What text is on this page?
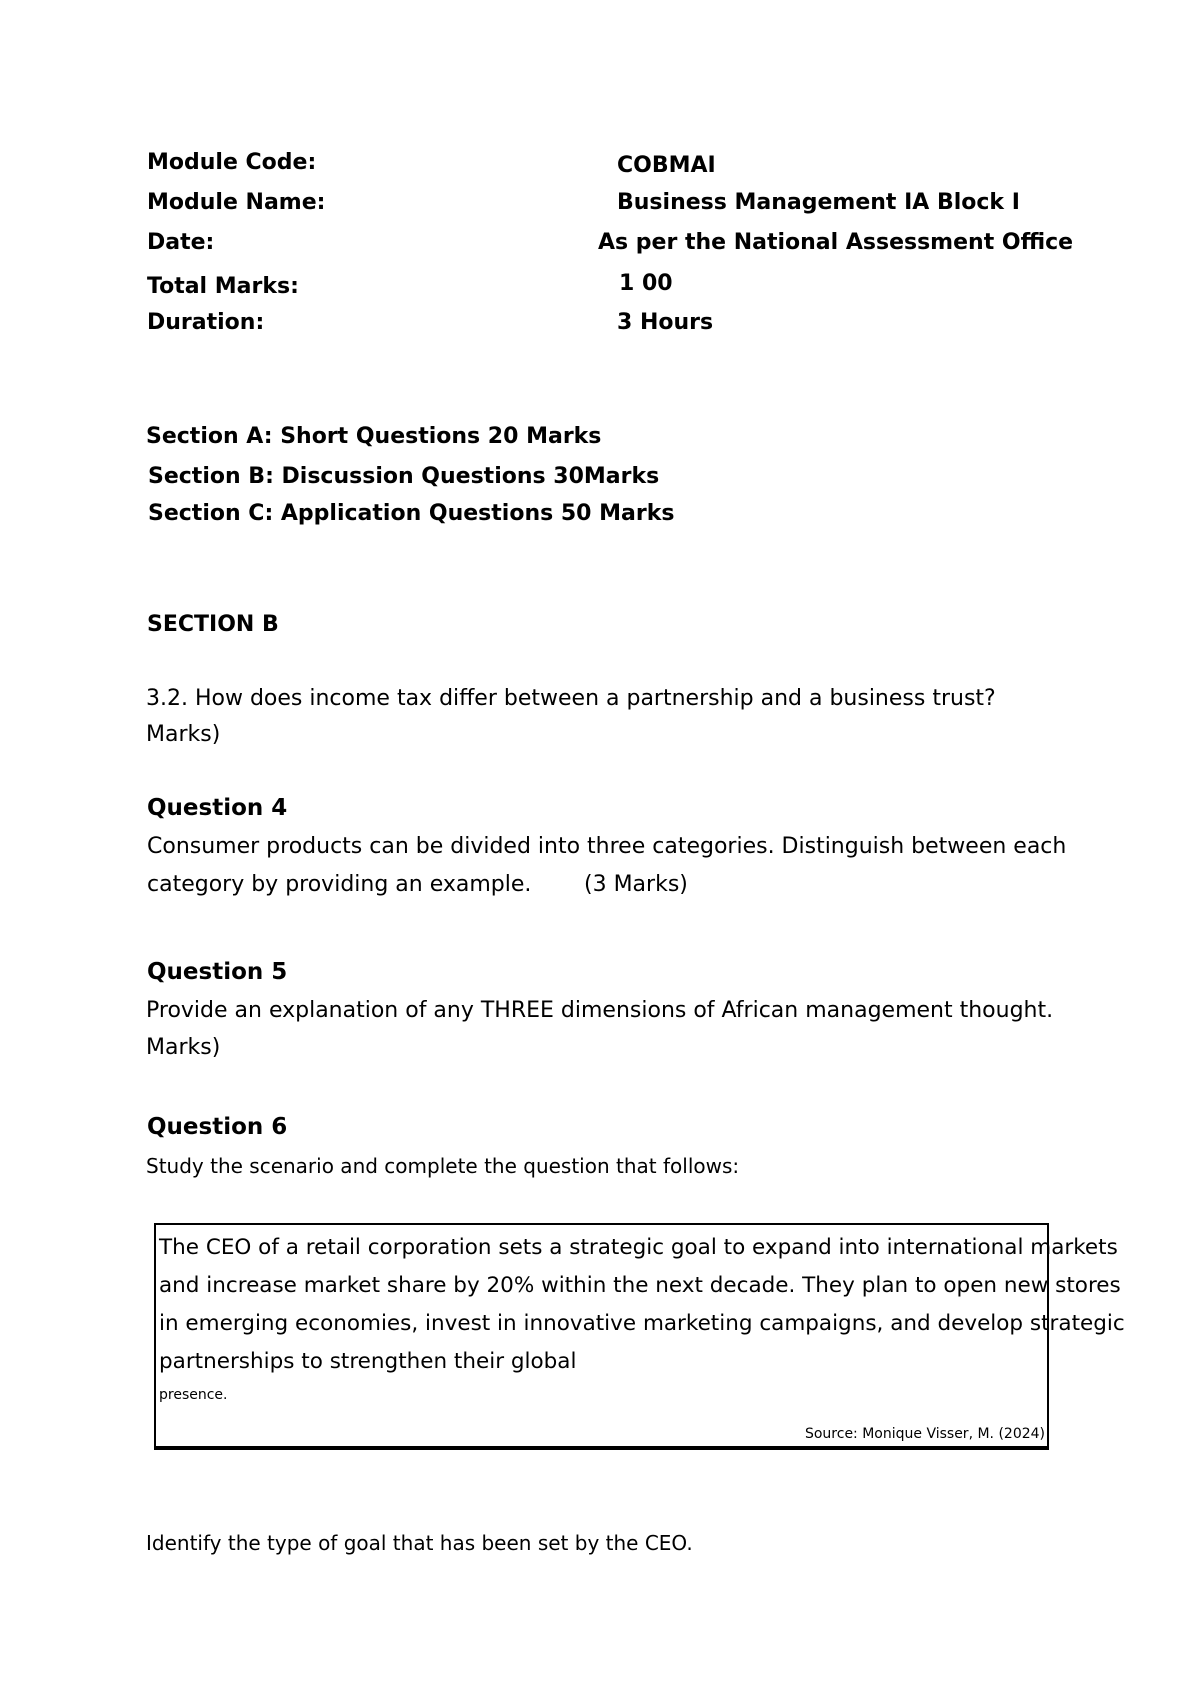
Module Code:	COBMAI
Module Name:	Business Management IA Block I
Date:	As per the National Assessment Office
Total Marks:	1 00
Duration:	3 Hours
Section A: Short Questions 20 Marks
Section B: Discussion Questions 30Marks
Section C: Application Questions 50 Marks
SECTION B
3.2. How does income tax differ between a partnership and a business trust?
Marks)
Question 4
Consumer products can be divided into three categories. Distinguish between each
category by providing an example. (3 Marks)
Question 5
Provide an explanation of any THREE dimensions of African management thought.
Marks)
Question 6
Study the scenario and complete the question that follows:
The CEO of a retail corporation sets a strategic goal to expand into international markets
and increase market share by 20% within the next decade. They plan to open new stores
in emerging economies, invest in innovative marketing campaigns, and develop strategic
partnerships to strengthen their global
presence.
Source: Monique Visser, M. (2024)
Identify the type of goal that has been set by the CEO.
